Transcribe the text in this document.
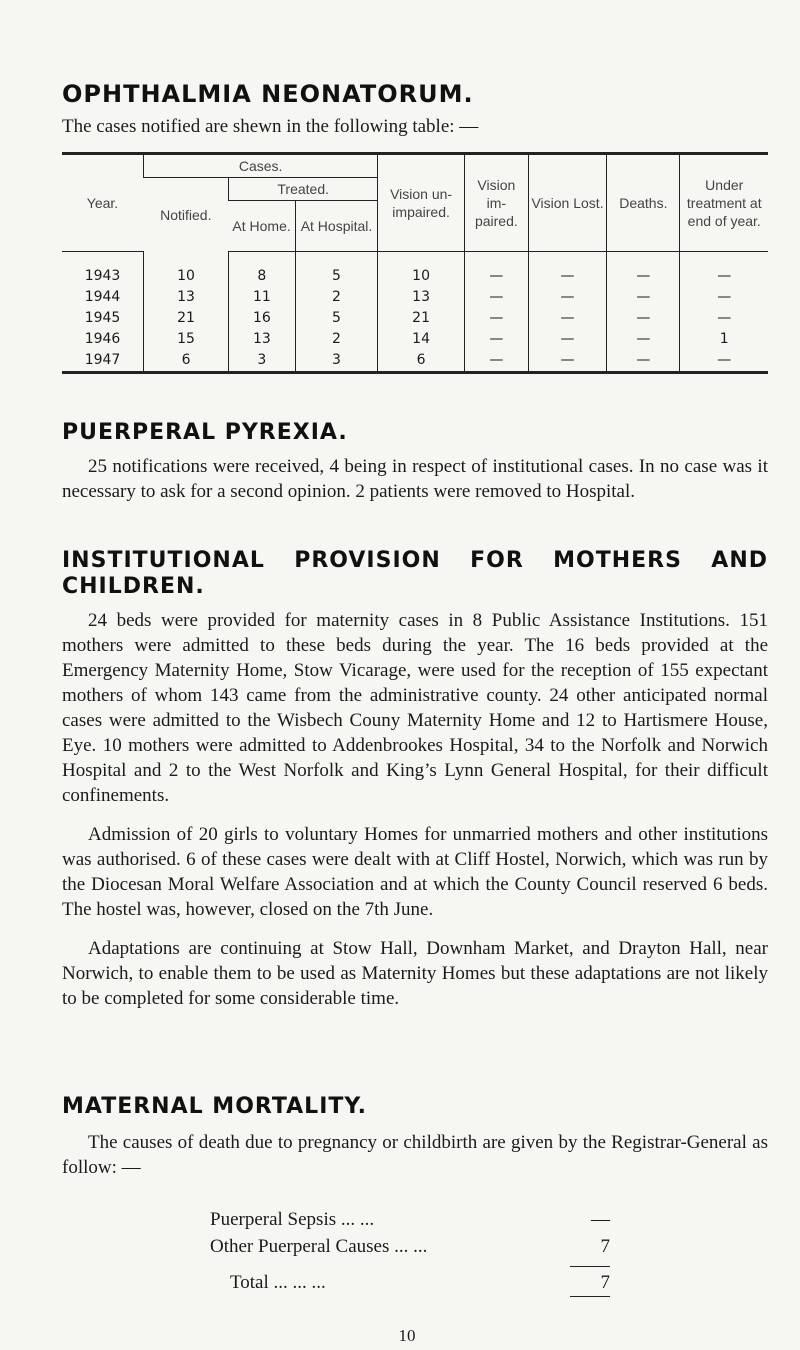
OPHTHALMIA NEONATORUM.
The cases notified are shewn in the following table: —
Year.	Cases.			Vision un-impaired.	Vision im-paired.	Vision Lost.	Deaths.	Under treatment at end of year.
	Notified.	Treated.						
		At Home.	At Hospital.					
1943	10	8	5	10	—	—	—	—
1944	13	11	2	13	—	—	—	—
1945	21	16	5	21	—	—	—	—
1946	15	13	2	14	—	—	—	1
1947	6	3	3	6	—	—	—	—
PUERPERAL PYREXIA.

25 notifications were received, 4 being in respect of institutional cases. In no case was it necessary to ask for a second opinion. 2 patients were removed to Hospital.

INSTITUTIONAL PROVISION FOR MOTHERS AND CHILDREN.

24 beds were provided for maternity cases in 8 Public Assistance Institutions. 151 mothers were admitted to these beds during the year. The 16 beds provided at the Emergency Maternity Home, Stow Vicarage, were used for the reception of 155 expectant mothers of whom 143 came from the administrative county. 24 other anticipated normal cases were admitted to the Wisbech Couny Maternity Home and 12 to Hartismere House, Eye. 10 mothers were admitted to Addenbrookes Hospital, 34 to the Norfolk and Norwich Hospital and 2 to the West Norfolk and King’s Lynn General Hospital, for their difficult confinements.

Admission of 20 girls to voluntary Homes for unmarried mothers and other institutions was authorised. 6 of these cases were dealt with at Cliff Hostel, Norwich, which was run by the Diocesan Moral Welfare Association and at which the County Council reserved 6 beds. The hostel was, however, closed on the 7th June.

Adaptations are continuing at Stow Hall, Downham Market, and Drayton Hall, near Norwich, to enable them to be used as Maternity Homes but these adaptations are not likely to be completed for some considerable time.

MATERNAL MORTALITY.

The causes of death due to pregnancy or childbirth are given by the Registrar-General as follow: —

Puerperal Sepsis ... ...	—
Other Puerperal Causes ... ...	7
Total ... ... ...	7
10
